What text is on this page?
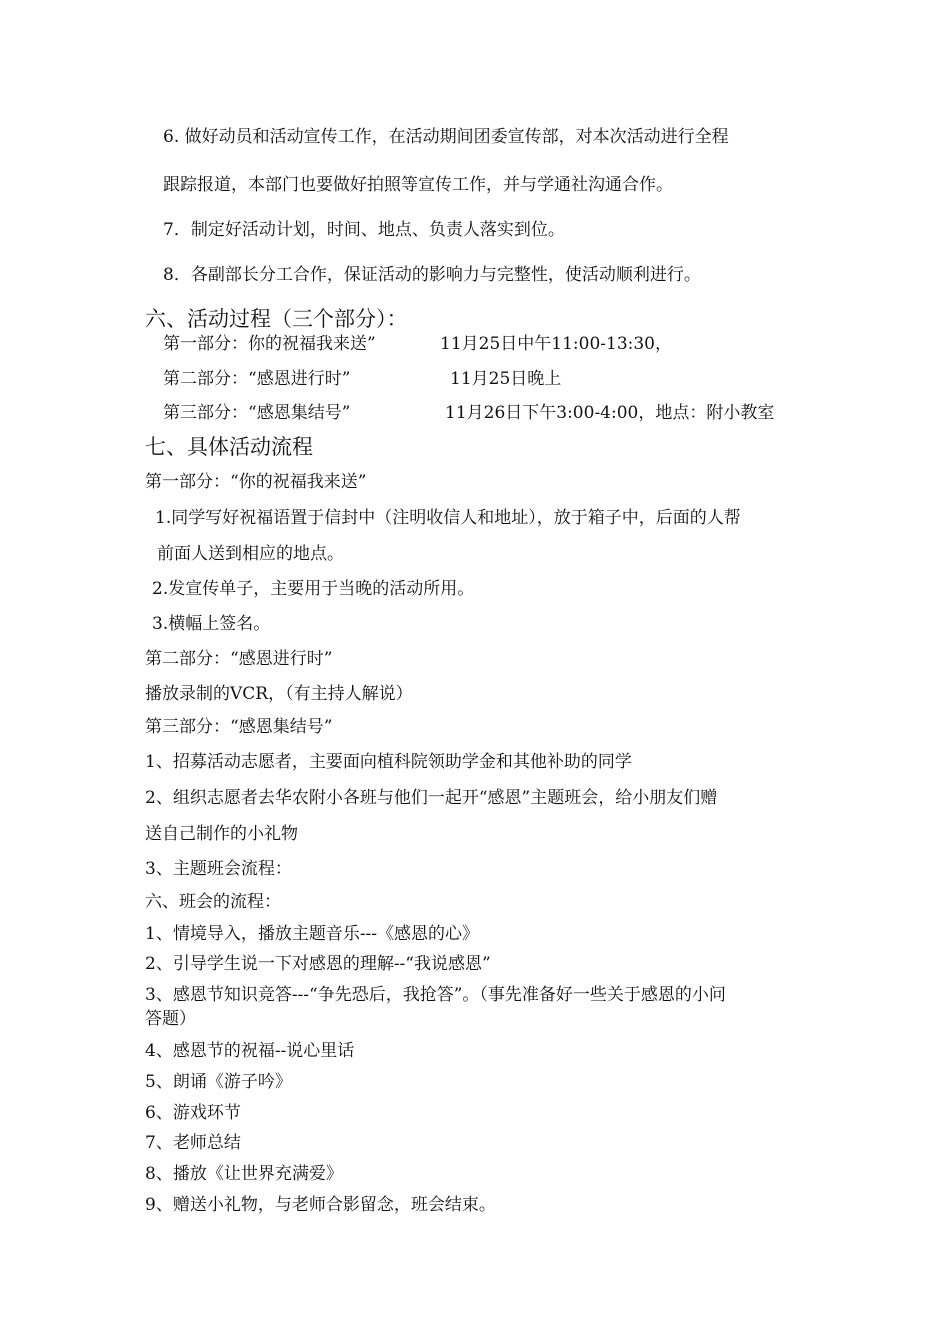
6. 做好动员和活动宣传工作，在活动期间团委宣传部，对本次活动进行全程
跟踪报道，本部门也要做好拍照等宣传工作，并与学通社沟通合作。
7．制定好活动计划，时间、地点、负责人落实到位。
8．各副部长分工合作，保证活动的影响力与完整性，使活动顺利进行。
六、活动过程（三个部分）：
第一部分：你的祝福我来送”	11月25日中午11:00-13:30，
第二部分：“感恩进行时”	11月25日晚上
第三部分：“感恩集结号”	11月26日下午3:00-4:00，地点：附小教室
七、具体活动流程
第一部分：“你的祝福我来送”
1.同学写好祝福语置于信封中（注明收信人和地址），放于箱子中，后面的人帮
前面人送到相应的地点。
2.发宣传单子，主要用于当晚的活动所用。
3.横幅上签名。
第二部分：“感恩进行时”
播放录制的VCR，（有主持人解说）
第三部分：“感恩集结号”
1、招募活动志愿者，主要面向植科院领助学金和其他补助的同学
2、组织志愿者去华农附小各班与他们一起开“感恩”主题班会，给小朋友们赠
送自己制作的小礼物
3、主题班会流程：
六、班会的流程：
1、情境导入，播放主题音乐---《感恩的心》
2、引导学生说一下对感恩的理解--“我说感恩”
3、感恩节知识竞答---“争先恐后，我抢答”。（事先准备好一些关于感恩的小问
答题）
4、感恩节的祝福--说心里话
5、朗诵《游子吟》
6、游戏环节
7、老师总结
8、播放《让世界充满爱》
9、赠送小礼物，与老师合影留念，班会结束。
